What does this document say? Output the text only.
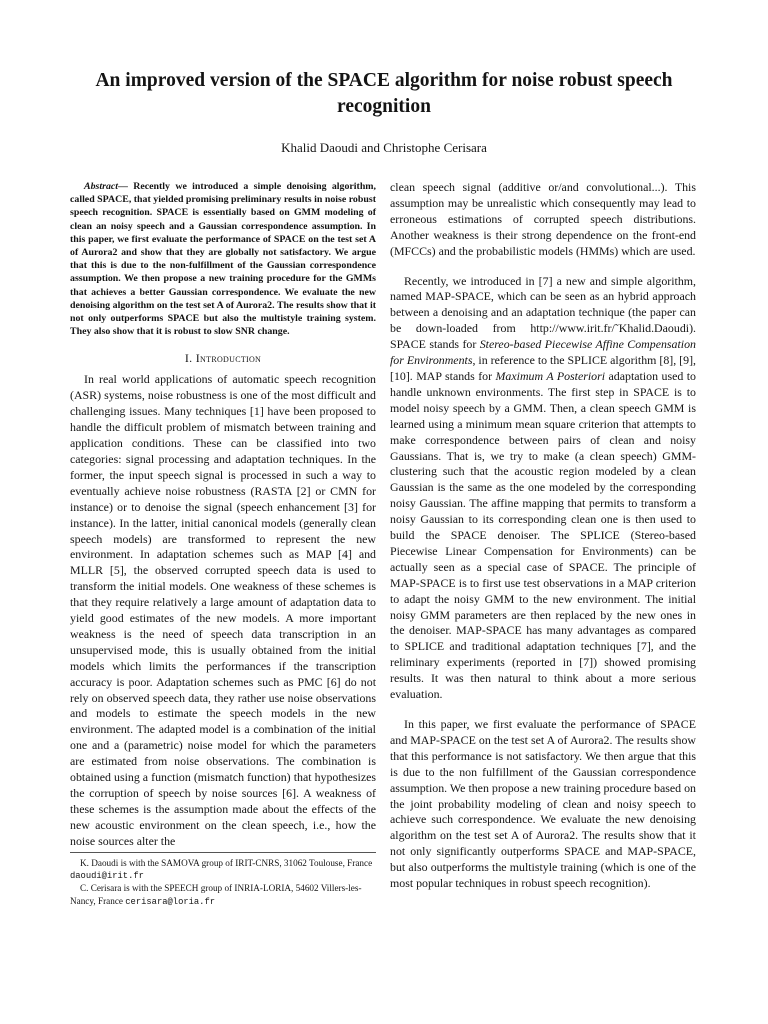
An improved version of the SPACE algorithm for noise robust speech recognition
Khalid Daoudi and Christophe Cerisara

Abstract— Recently we introduced a simple denoising algorithm, called SPACE, that yielded promising preliminary results in noise robust speech recognition. SPACE is essentially based on GMM modeling of clean an noisy speech and a Gaussian correspondence assumption. In this paper, we first evaluate the performance of SPACE on the test set A of Aurora2 and show that they are globally not satisfactory. We argue that this is due to the non-fulfillment of the Gaussian correspondence assumption. We then propose a new training procedure for the GMMs that achieves a better Gaussian correspondence. We evaluate the new denoising algorithm on the test set A of Aurora2. The results show that it not only outperforms SPACE but also the multistyle training system. They also show that it is robust to slow SNR change.

I. Introduction

In real world applications of automatic speech recognition (ASR) systems, noise robustness is one of the most difficult and challenging issues. Many techniques [1] have been proposed to handle the difficult problem of mismatch between training and application conditions. These can be classified into two categories: signal processing and adaptation techniques. In the former, the input speech signal is processed in such a way to eventually achieve noise robustness (RASTA [2] or CMN for instance) or to denoise the signal (speech enhancement [3] for instance). In the latter, initial canonical models (generally clean speech models) are transformed to represent the new environment. In adaptation schemes such as MAP [4] and MLLR [5], the observed corrupted speech data is used to transform the initial models. One weakness of these schemes is that they require relatively a large amount of adaptation data to yield good estimates of the new models. A more important weakness is the need of speech data transcription in an unsupervised mode, this is usually obtained from the initial models which limits the performances if the transcription accuracy is poor. Adaptation schemes such as PMC [6] do not rely on observed speech data, they rather use noise observations and models to estimate the speech models in the new environment. The adapted model is a combination of the initial one and a (parametric) noise model for which the parameters are estimated from noise observations. The combination is obtained using a function (mismatch function) that hypothesizes the corruption of speech by noise sources [6]. A weakness of these schemes is the assumption made about the effects of the new acoustic environment on the clean speech, i.e., how the noise sources alter the

K. Daoudi is with the SAMOVA group of IRIT-CNRS, 31062 Toulouse, France daoudi@irit.fr

C. Cerisara is with the SPEECH group of INRIA-LORIA, 54602 Villers-les-Nancy, France cerisara@loria.fr

clean speech signal (additive or/and convolutional...). This assumption may be unrealistic which consequently may lead to erroneous estimations of corrupted speech distributions. Another weakness is their strong dependence on the front-end (MFCCs) and the probabilistic models (HMMs) which are used.

Recently, we introduced in [7] a new and simple algorithm, named MAP-SPACE, which can be seen as an hybrid approach between a denoising and an adaptation technique (the paper can be down-loaded from http://www.irit.fr/˜Khalid.Daoudi). SPACE stands for Stereo-based Piecewise Affine Compensation for Environments, in reference to the SPLICE algorithm [8], [9], [10]. MAP stands for Maximum A Posteriori adaptation used to handle unknown environments. The first step in SPACE is to model noisy speech by a GMM. Then, a clean speech GMM is learned using a minimum mean square criterion that attempts to make correspondence between pairs of clean and noisy Gaussians. That is, we try to make (a clean speech) GMM-clustering such that the acoustic region modeled by a clean Gaussian is the same as the one modeled by the corresponding noisy Gaussian. The affine mapping that permits to transform a noisy Gaussian to its corresponding clean one is then used to build the SPACE denoiser. The SPLICE (Stereo-based Piecewise Linear Compensation for Environments) can be actually seen as a special case of SPACE. The principle of MAP-SPACE is to first use test observations in a MAP criterion to adapt the noisy GMM to the new environment. The initial noisy GMM parameters are then replaced by the new ones in the denoiser. MAP-SPACE has many advantages as compared to SPLICE and traditional adaptation techniques [7], and the reliminary experiments (reported in [7]) showed promising results. It was then natural to think about a more serious evaluation.

In this paper, we first evaluate the performance of SPACE and MAP-SPACE on the test set A of Aurora2. The results show that this performance is not satisfactory. We then argue that this is due to the non fulfillment of the Gaussian correspondence assumption. We then propose a new training procedure based on the joint probability modeling of clean and noisy speech to achieve such correspondence. We evaluate the new denoising algorithm on the test set A of Aurora2. The results show that it not only significantly outperforms SPACE and MAP-SPACE, but also outperforms the multistyle training (which is one of the most popular techniques in robust speech recognition).
